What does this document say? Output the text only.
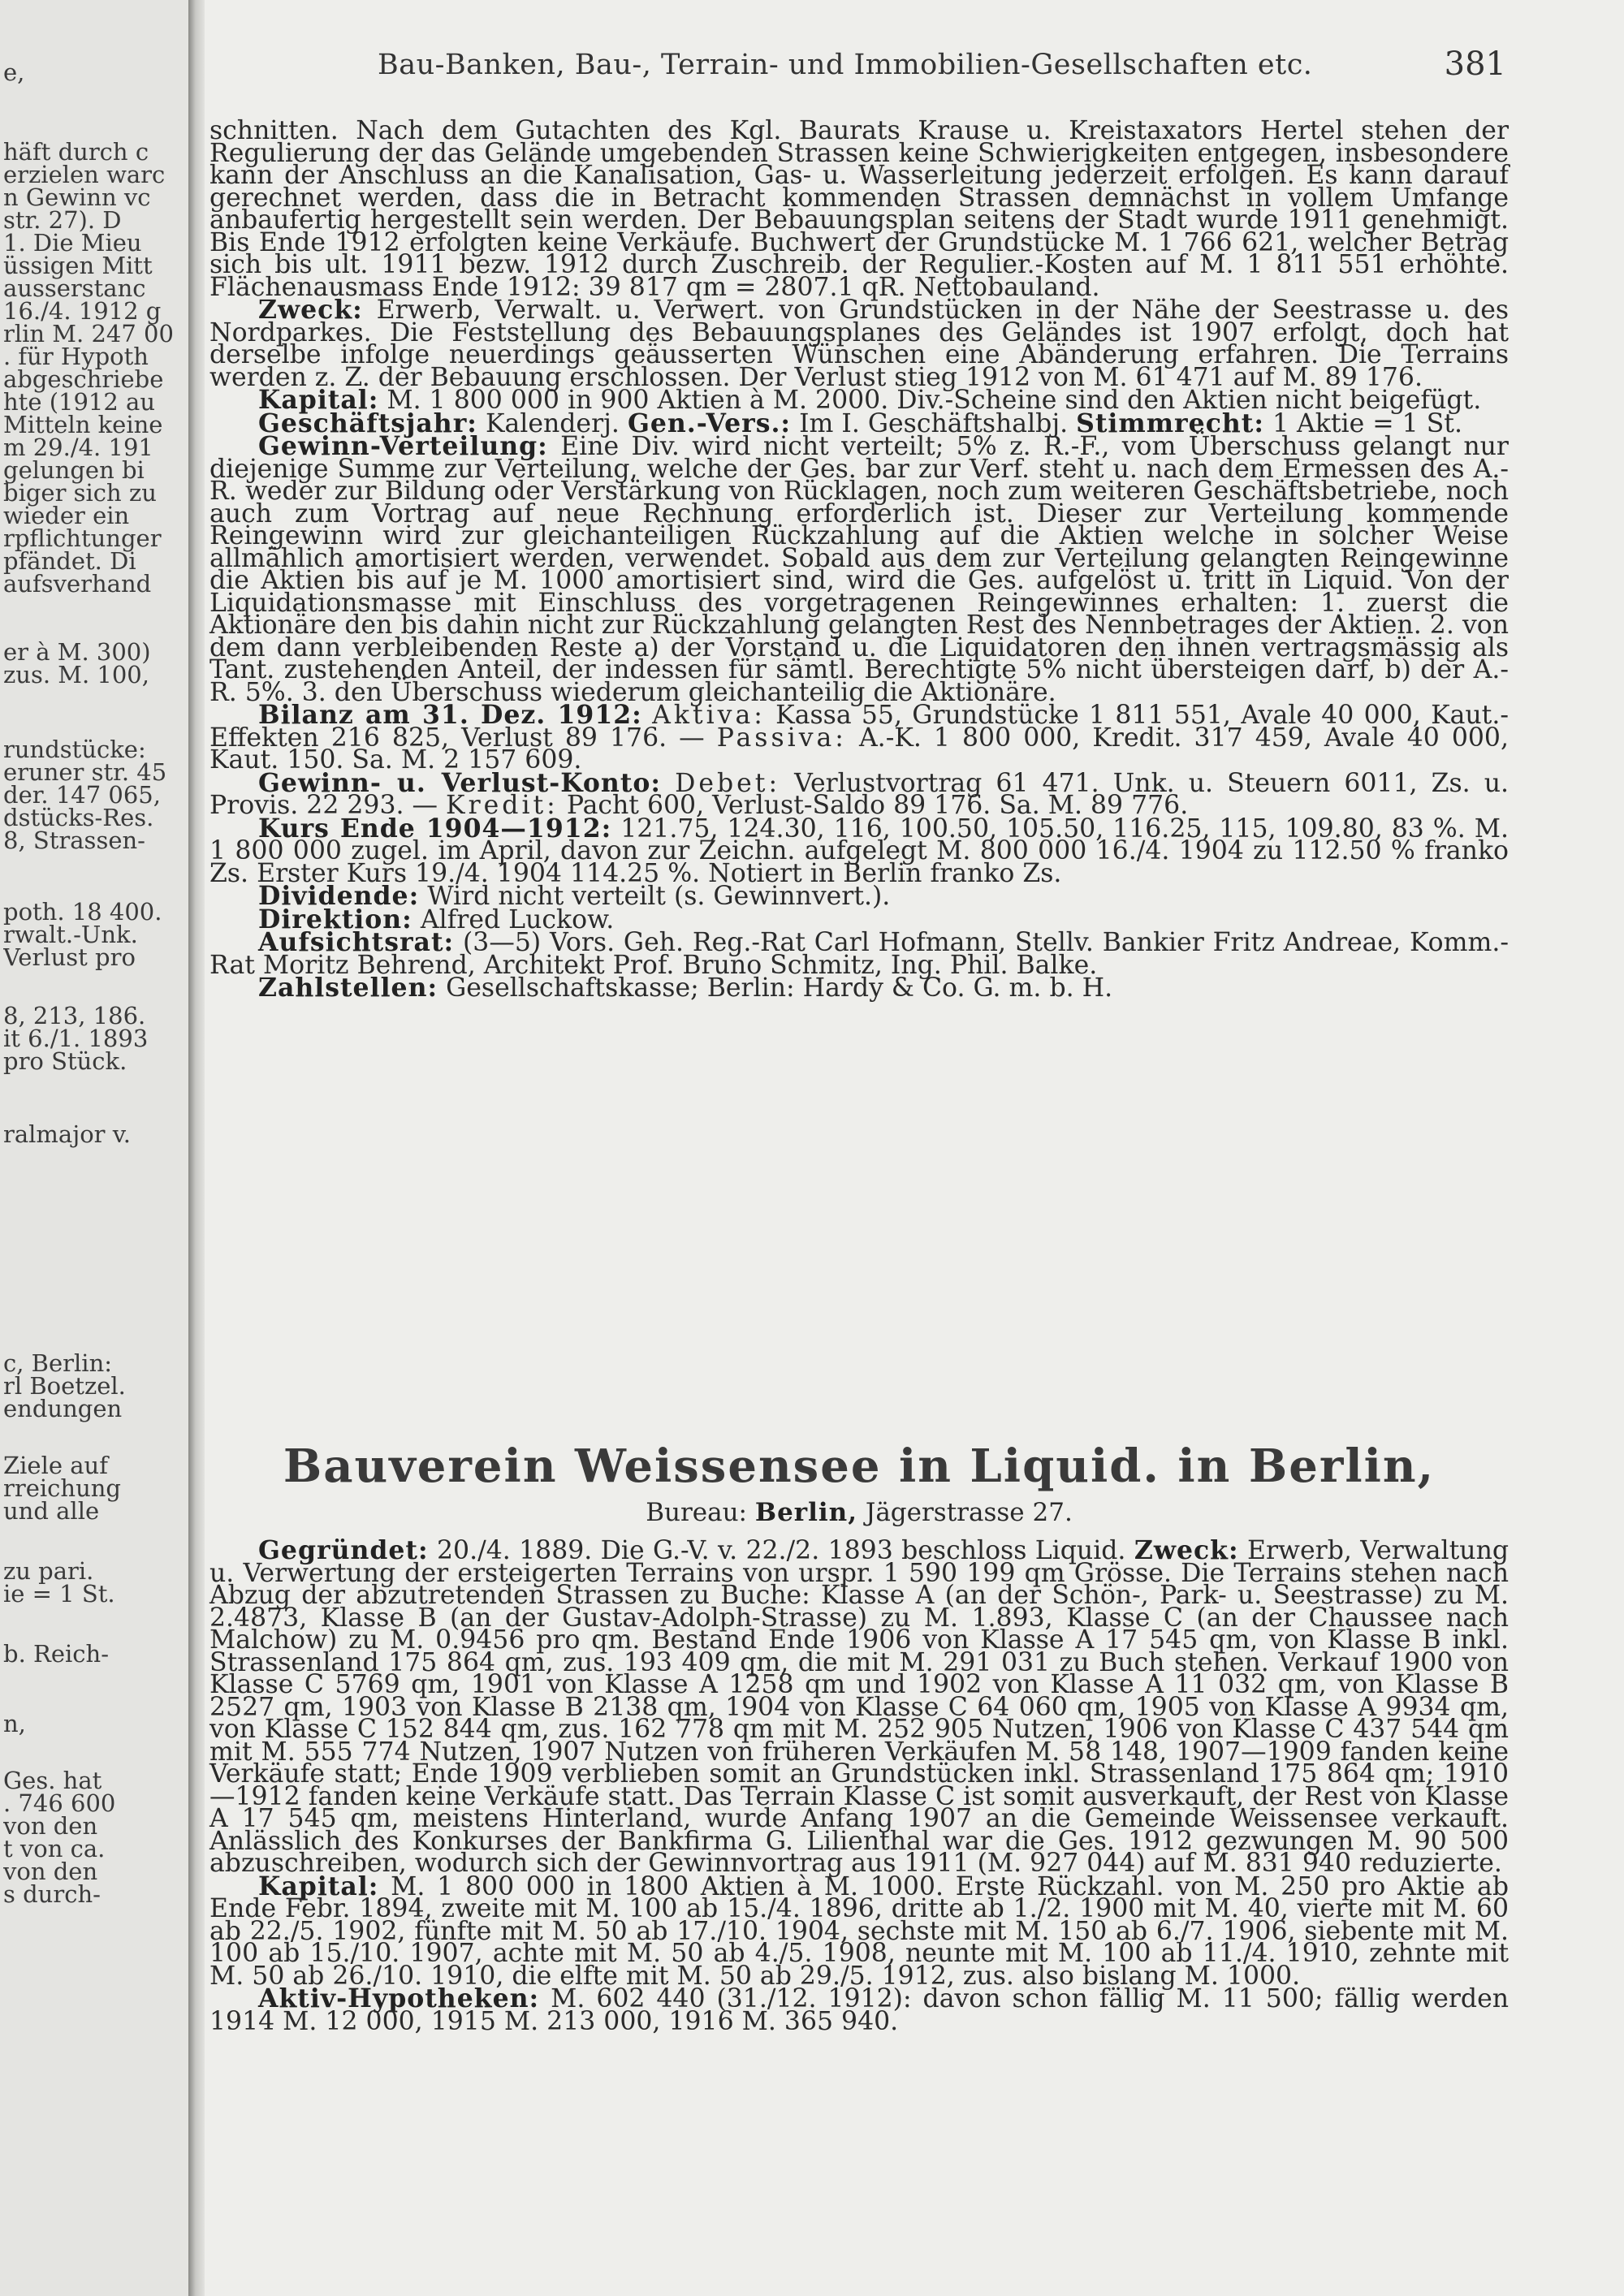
e,
häft durch c
erzielen warc
n Gewinn vc
str. 27). D
1. Die Mieu
üssigen Mitt
ausserstanc
16./4. 1912 g
rlin M. 247 00
. für Hypoth
abgeschriebe
hte (1912 au
Mitteln keine
m 29./4. 191
gelungen bi
biger sich zu
wieder ein
rpflichtunger
pfändet. Di
aufsverhand
er à M. 300)
zus. M. 100,
rundstücke:
eruner str. 45
der. 147 065,
dstücks-Res.
8, Strassen-
poth. 18 400.
rwalt.-Unk.
Verlust pro
8, 213, 186.
it 6./1. 1893
pro Stück.
ralmajor v.
c, Berlin:
rl Boetzel.
endungen
Ziele auf
rreichung
und alle
zu pari.
ie = 1 St.
b. Reich-
n,
Ges. hat
. 746 600
von den
t von ca.
von den
s durch-
Bau-Banken, Bau-, Terrain- und Immobilien-Gesellschaften etc.	381

schnitten. Nach dem Gutachten des Kgl. Baurats Krause u. Kreistaxators Hertel stehen der Regulierung der das Gelände umgebenden Strassen keine Schwierigkeiten entgegen, insbesondere kann der Anschluss an die Kanalisation, Gas- u. Wasserleitung jederzeit erfolgen. Es kann darauf gerechnet werden, dass die in Betracht kommenden Strassen demnächst in vollem Umfange anbaufertig hergestellt sein werden. Der Bebauungsplan seitens der Stadt wurde 1911 genehmigt. Bis Ende 1912 erfolgten keine Verkäufe. Buchwert der Grundstücke M. 1 766 621, welcher Betrag sich bis ult. 1911 bezw. 1912 durch Zuschreib. der Regulier.-Kosten auf M. 1 811 551 erhöhte. Flächenausmass Ende 1912: 39 817 qm = 2807.1 qR. Nettobauland.

Zweck: Erwerb, Verwalt. u. Verwert. von Grundstücken in der Nähe der Seestrasse u. des Nordparkes. Die Feststellung des Bebauungsplanes des Geländes ist 1907 erfolgt, doch hat derselbe infolge neuerdings geäusserten Wünschen eine Abänderung erfahren. Die Terrains werden z. Z. der Bebauung erschlossen. Der Verlust stieg 1912 von M. 61 471 auf M. 89 176.

Kapital: M. 1 800 000 in 900 Aktien à M. 2000. Div.-Scheine sind den Aktien nicht beigefügt.

Geschäftsjahr: Kalenderj. Gen.-Vers.: Im I. Geschäftshalbj. Stimmrecht: 1 Aktie = 1 St.

Gewinn-Verteilung: Eine Div. wird nicht verteilt; 5% z. R.-F., vom Überschuss gelangt nur diejenige Summe zur Verteilung, welche der Ges. bar zur Verf. steht u. nach dem Ermessen des A.-R. weder zur Bildung oder Verstärkung von Rücklagen, noch zum weiteren Geschäftsbetriebe, noch auch zum Vortrag auf neue Rechnung erforderlich ist. Dieser zur Verteilung kommende Reingewinn wird zur gleichanteiligen Rückzahlung auf die Aktien welche in solcher Weise allmählich amortisiert werden, verwendet. Sobald aus dem zur Verteilung gelangten Reingewinne die Aktien bis auf je M. 1000 amortisiert sind, wird die Ges. aufgelöst u. tritt in Liquid. Von der Liquidationsmasse mit Einschluss des vorgetragenen Reingewinnes erhalten: 1. zuerst die Aktionäre den bis dahin nicht zur Rückzahlung gelangten Rest des Nennbetrages der Aktien. 2. von dem dann verbleibenden Reste a) der Vorstand u. die Liquidatoren den ihnen vertragsmässig als Tant. zustehenden Anteil, der indessen für sämtl. Berechtigte 5% nicht übersteigen darf, b) der A.-R. 5%. 3. den Überschuss wiederum gleichanteilig die Aktionäre.

Bilanz am 31. Dez. 1912: Aktiva: Kassa 55, Grundstücke 1 811 551, Avale 40 000, Kaut.-Effekten 216 825, Verlust 89 176. — Passiva: A.-K. 1 800 000, Kredit. 317 459, Avale 40 000, Kaut. 150. Sa. M. 2 157 609.

Gewinn- u. Verlust-Konto: Debet: Verlustvortrag 61 471. Unk. u. Steuern 6011, Zs. u. Provis. 22 293. — Kredit: Pacht 600, Verlust-Saldo 89 176. Sa. M. 89 776.

Kurs Ende 1904—1912: 121.75, 124.30, 116, 100.50, 105.50, 116.25, 115, 109.80, 83 %. M. 1 800 000 zugel. im April, davon zur Zeichn. aufgelegt M. 800 000 16./4. 1904 zu 112.50 % franko Zs. Erster Kurs 19./4. 1904 114.25 %. Notiert in Berlin franko Zs.

Dividende: Wird nicht verteilt (s. Gewinnvert.).

Direktion: Alfred Luckow.

Aufsichtsrat: (3—5) Vors. Geh. Reg.-Rat Carl Hofmann, Stellv. Bankier Fritz Andreae, Komm.-Rat Moritz Behrend, Architekt Prof. Bruno Schmitz, Ing. Phil. Balke.

Zahlstellen: Gesellschaftskasse; Berlin: Hardy & Co. G. m. b. H.

Bauverein Weissensee in Liquid. in Berlin,
Bureau: Berlin, Jägerstrasse 27.

Gegründet: 20./4. 1889. Die G.-V. v. 22./2. 1893 beschloss Liquid. Zweck: Erwerb, Verwaltung u. Verwertung der ersteigerten Terrains von urspr. 1 590 199 qm Grösse. Die Terrains stehen nach Abzug der abzutretenden Strassen zu Buche: Klasse A (an der Schön-, Park- u. Seestrasse) zu M. 2.4873, Klasse B (an der Gustav-Adolph-Strasse) zu M. 1.893, Klasse C (an der Chaussee nach Malchow) zu M. 0.9456 pro qm. Bestand Ende 1906 von Klasse A 17 545 qm, von Klasse B inkl. Strassenland 175 864 qm, zus. 193 409 qm, die mit M. 291 031 zu Buch stehen. Verkauf 1900 von Klasse C 5769 qm, 1901 von Klasse A 1258 qm und 1902 von Klasse A 11 032 qm, von Klasse B 2527 qm, 1903 von Klasse B 2138 qm, 1904 von Klasse C 64 060 qm, 1905 von Klasse A 9934 qm, von Klasse C 152 844 qm, zus. 162 778 qm mit M. 252 905 Nutzen, 1906 von Klasse C 437 544 qm mit M. 555 774 Nutzen, 1907 Nutzen von früheren Verkäufen M. 58 148, 1907—1909 fanden keine Verkäufe statt; Ende 1909 verblieben somit an Grundstücken inkl. Strassenland 175 864 qm; 1910—1912 fanden keine Verkäufe statt. Das Terrain Klasse C ist somit ausverkauft, der Rest von Klasse A 17 545 qm, meistens Hinterland, wurde Anfang 1907 an die Gemeinde Weissensee verkauft. Anlässlich des Konkurses der Bankfirma G. Lilienthal war die Ges. 1912 gezwungen M. 90 500 abzuschreiben, wodurch sich der Gewinnvortrag aus 1911 (M. 927 044) auf M. 831 940 reduzierte.

Kapital: M. 1 800 000 in 1800 Aktien à M. 1000. Erste Rückzahl. von M. 250 pro Aktie ab Ende Febr. 1894, zweite mit M. 100 ab 15./4. 1896, dritte ab 1./2. 1900 mit M. 40, vierte mit M. 60 ab 22./5. 1902, fünfte mit M. 50 ab 17./10. 1904, sechste mit M. 150 ab 6./7. 1906, siebente mit M. 100 ab 15./10. 1907, achte mit M. 50 ab 4./5. 1908, neunte mit M. 100 ab 11./4. 1910, zehnte mit M. 50 ab 26./10. 1910, die elfte mit M. 50 ab 29./5. 1912, zus. also bislang M. 1000.

Aktiv-Hypotheken: M. 602 440 (31./12. 1912): davon schon fällig M. 11 500; fällig werden 1914 M. 12 000, 1915 M. 213 000, 1916 M. 365 940.
